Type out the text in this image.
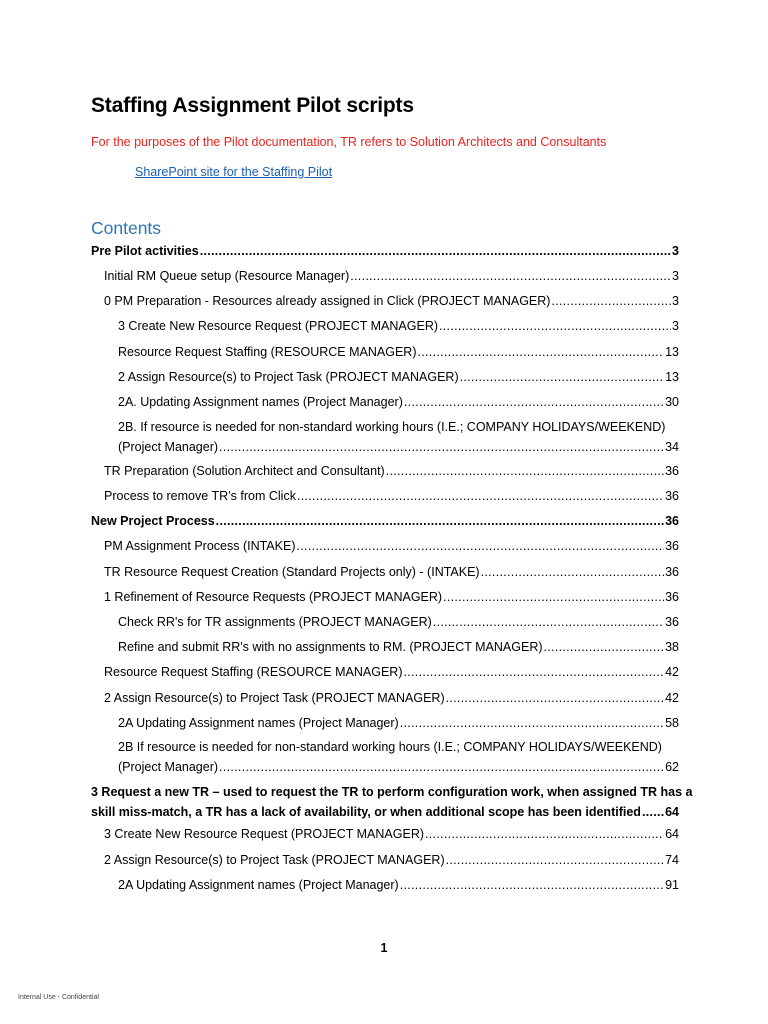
Staffing Assignment Pilot scripts
For the purposes of the Pilot documentation, TR refers to Solution Architects and Consultants
SharePoint site for the Staffing Pilot
Contents
Pre Pilot activities .....	3
Initial RM Queue setup (Resource Manager) .....	3
0 PM Preparation - Resources already assigned in Click (PROJECT MANAGER) .....	3
3 Create New Resource Request (PROJECT MANAGER) .....	3
Resource Request Staffing (RESOURCE MANAGER) .....	13
2 Assign Resource(s) to Project Task (PROJECT MANAGER) .....	13
2A. Updating Assignment names (Project Manager) .....	30
2B. If resource is needed for non-standard working hours (I.E.; COMPANY HOLIDAYS/WEEKEND)
(Project Manager) .....	34
TR Preparation (Solution Architect and Consultant) .....	36
Process to remove TR’s from Click .....	36
New Project Process .....	36
PM Assignment Process (INTAKE) .....	36
TR Resource Request Creation (Standard Projects only) - (INTAKE) .....	36
1 Refinement of Resource Requests (PROJECT MANAGER) .....	36
Check RR's for TR assignments (PROJECT MANAGER) .....	36
Refine and submit RR's with no assignments to RM. (PROJECT MANAGER) .....	38
Resource Request Staffing (RESOURCE MANAGER) .....	42
2 Assign Resource(s) to Project Task (PROJECT MANAGER) .....	42
2A Updating Assignment names (Project Manager) .....	58
2B If resource is needed for non-standard working hours (I.E.; COMPANY HOLIDAYS/WEEKEND)
(Project Manager) .....	62
3 Request a new TR – used to request the TR to perform configuration work, when assigned TR has a
skill miss-match, a TR has a lack of availability, or when additional scope has been identified ..... 64
3 Create New Resource Request (PROJECT MANAGER) .....	64
2 Assign Resource(s) to Project Task (PROJECT MANAGER) .....	74
2A Updating Assignment names (Project Manager) .....	91
1
Internal Use - Confidential
